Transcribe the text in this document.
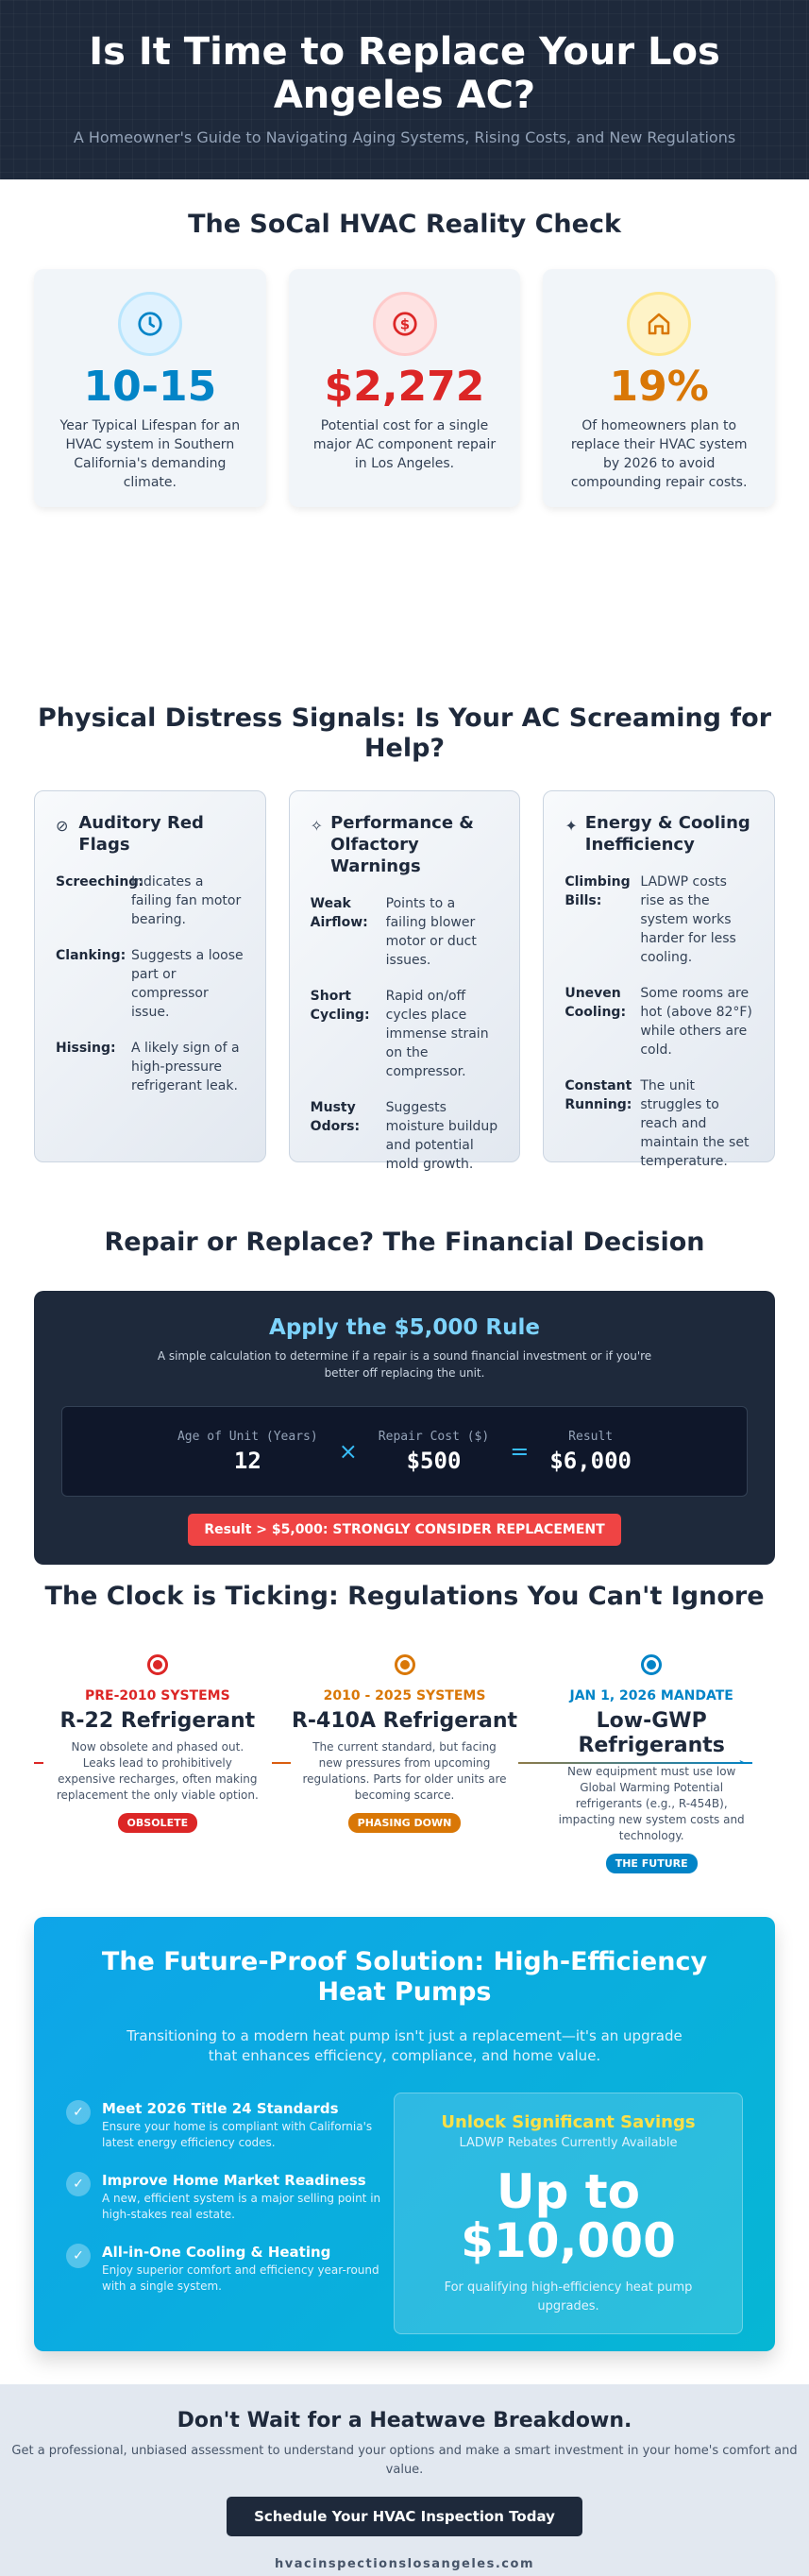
Is It Time to Replace Your Los Angeles AC?
A Homeowner's Guide to Navigating Aging Systems, Rising Costs, and New Regulations
The SoCal HVAC Reality Check
10-15
Year Typical Lifespan for an HVAC system in Southern California's demanding climate.
$
$2,272
Potential cost for a single major AC component repair in Los Angeles.
19%
Of homeowners plan to replace their HVAC system by 2026 to avoid compounding repair costs.
Physical Distress Signals: Is Your AC Screaming for Help?
⊘ Auditory Red Flags
Screeching:
Indicates a failing fan motor bearing.
Clanking: Suggests a loose part or compressor issue.
Hissing:	A likely sign of a high-pressure refrigerant leak.
✧ Performance & Olfactory Warnings
Weak Airflow:
Points to a failing blower motor or duct issues.
Short Cycling:
Rapid on/off cycles place immense strain on the compressor.
Musty Odors:
Suggests moisture buildup and potential mold growth.
✦ Energy & Cooling Inefficiency
Climbing Bills:
LADWP costs rise as the system works harder for less cooling.
Uneven Cooling:
Some rooms are hot (above 82°F) while others are cold.
Constant Running:
The unit struggles to reach and maintain the set temperature.
Repair or Replace? The Financial Decision
Apply the $5,000 Rule
A simple calculation to determine if a repair is a sound financial investment or if you're better off replacing the unit.
Age of Unit (Years)
12	×
Repair Cost ($)
$500	=
Result
$6,000
Result > $5,000: STRONGLY CONSIDER REPLACEMENT
The Clock is Ticking: Regulations You Can't Ignore
PRE-2010 SYSTEMS
R-22 Refrigerant
Now obsolete and phased out. Leaks lead to prohibitively expensive recharges, often making replacement the only viable option.
OBSOLETE
2010 - 2025 SYSTEMS
R-410A Refrigerant
The current standard, but facing new pressures from upcoming regulations. Parts for older units are becoming scarce.
PHASING DOWN
JAN 1, 2026 MANDATE
Low-GWP Refrigerants
New equipment must use low Global Warming Potential refrigerants (e.g., R-454B), impacting new system costs and technology.
THE FUTURE
The Future-Proof Solution: High-Efficiency Heat Pumps
Transitioning to a modern heat pump isn't just a replacement—it's an upgrade that enhances efficiency, compliance, and home value.
✓	Meet 2026 Title 24 Standards

Ensure your home is compliant with California's latest energy efficiency codes.

✓	Improve Home Market Readiness

A new, efficient system is a major selling point in high-stakes real estate.

✓	All-in-One Cooling & Heating

Enjoy superior comfort and efficiency year-round with a single system.

Unlock Significant Savings
LADWP Rebates Currently Available
Up to $10,000
For qualifying high-efficiency heat pump upgrades.
Don't Wait for a Heatwave Breakdown.

Get a professional, unbiased assessment to understand your options and make a smart investment in your home's comfort and value.

Schedule Your HVAC Inspection Today
hvacinspectionslosangeles.com
